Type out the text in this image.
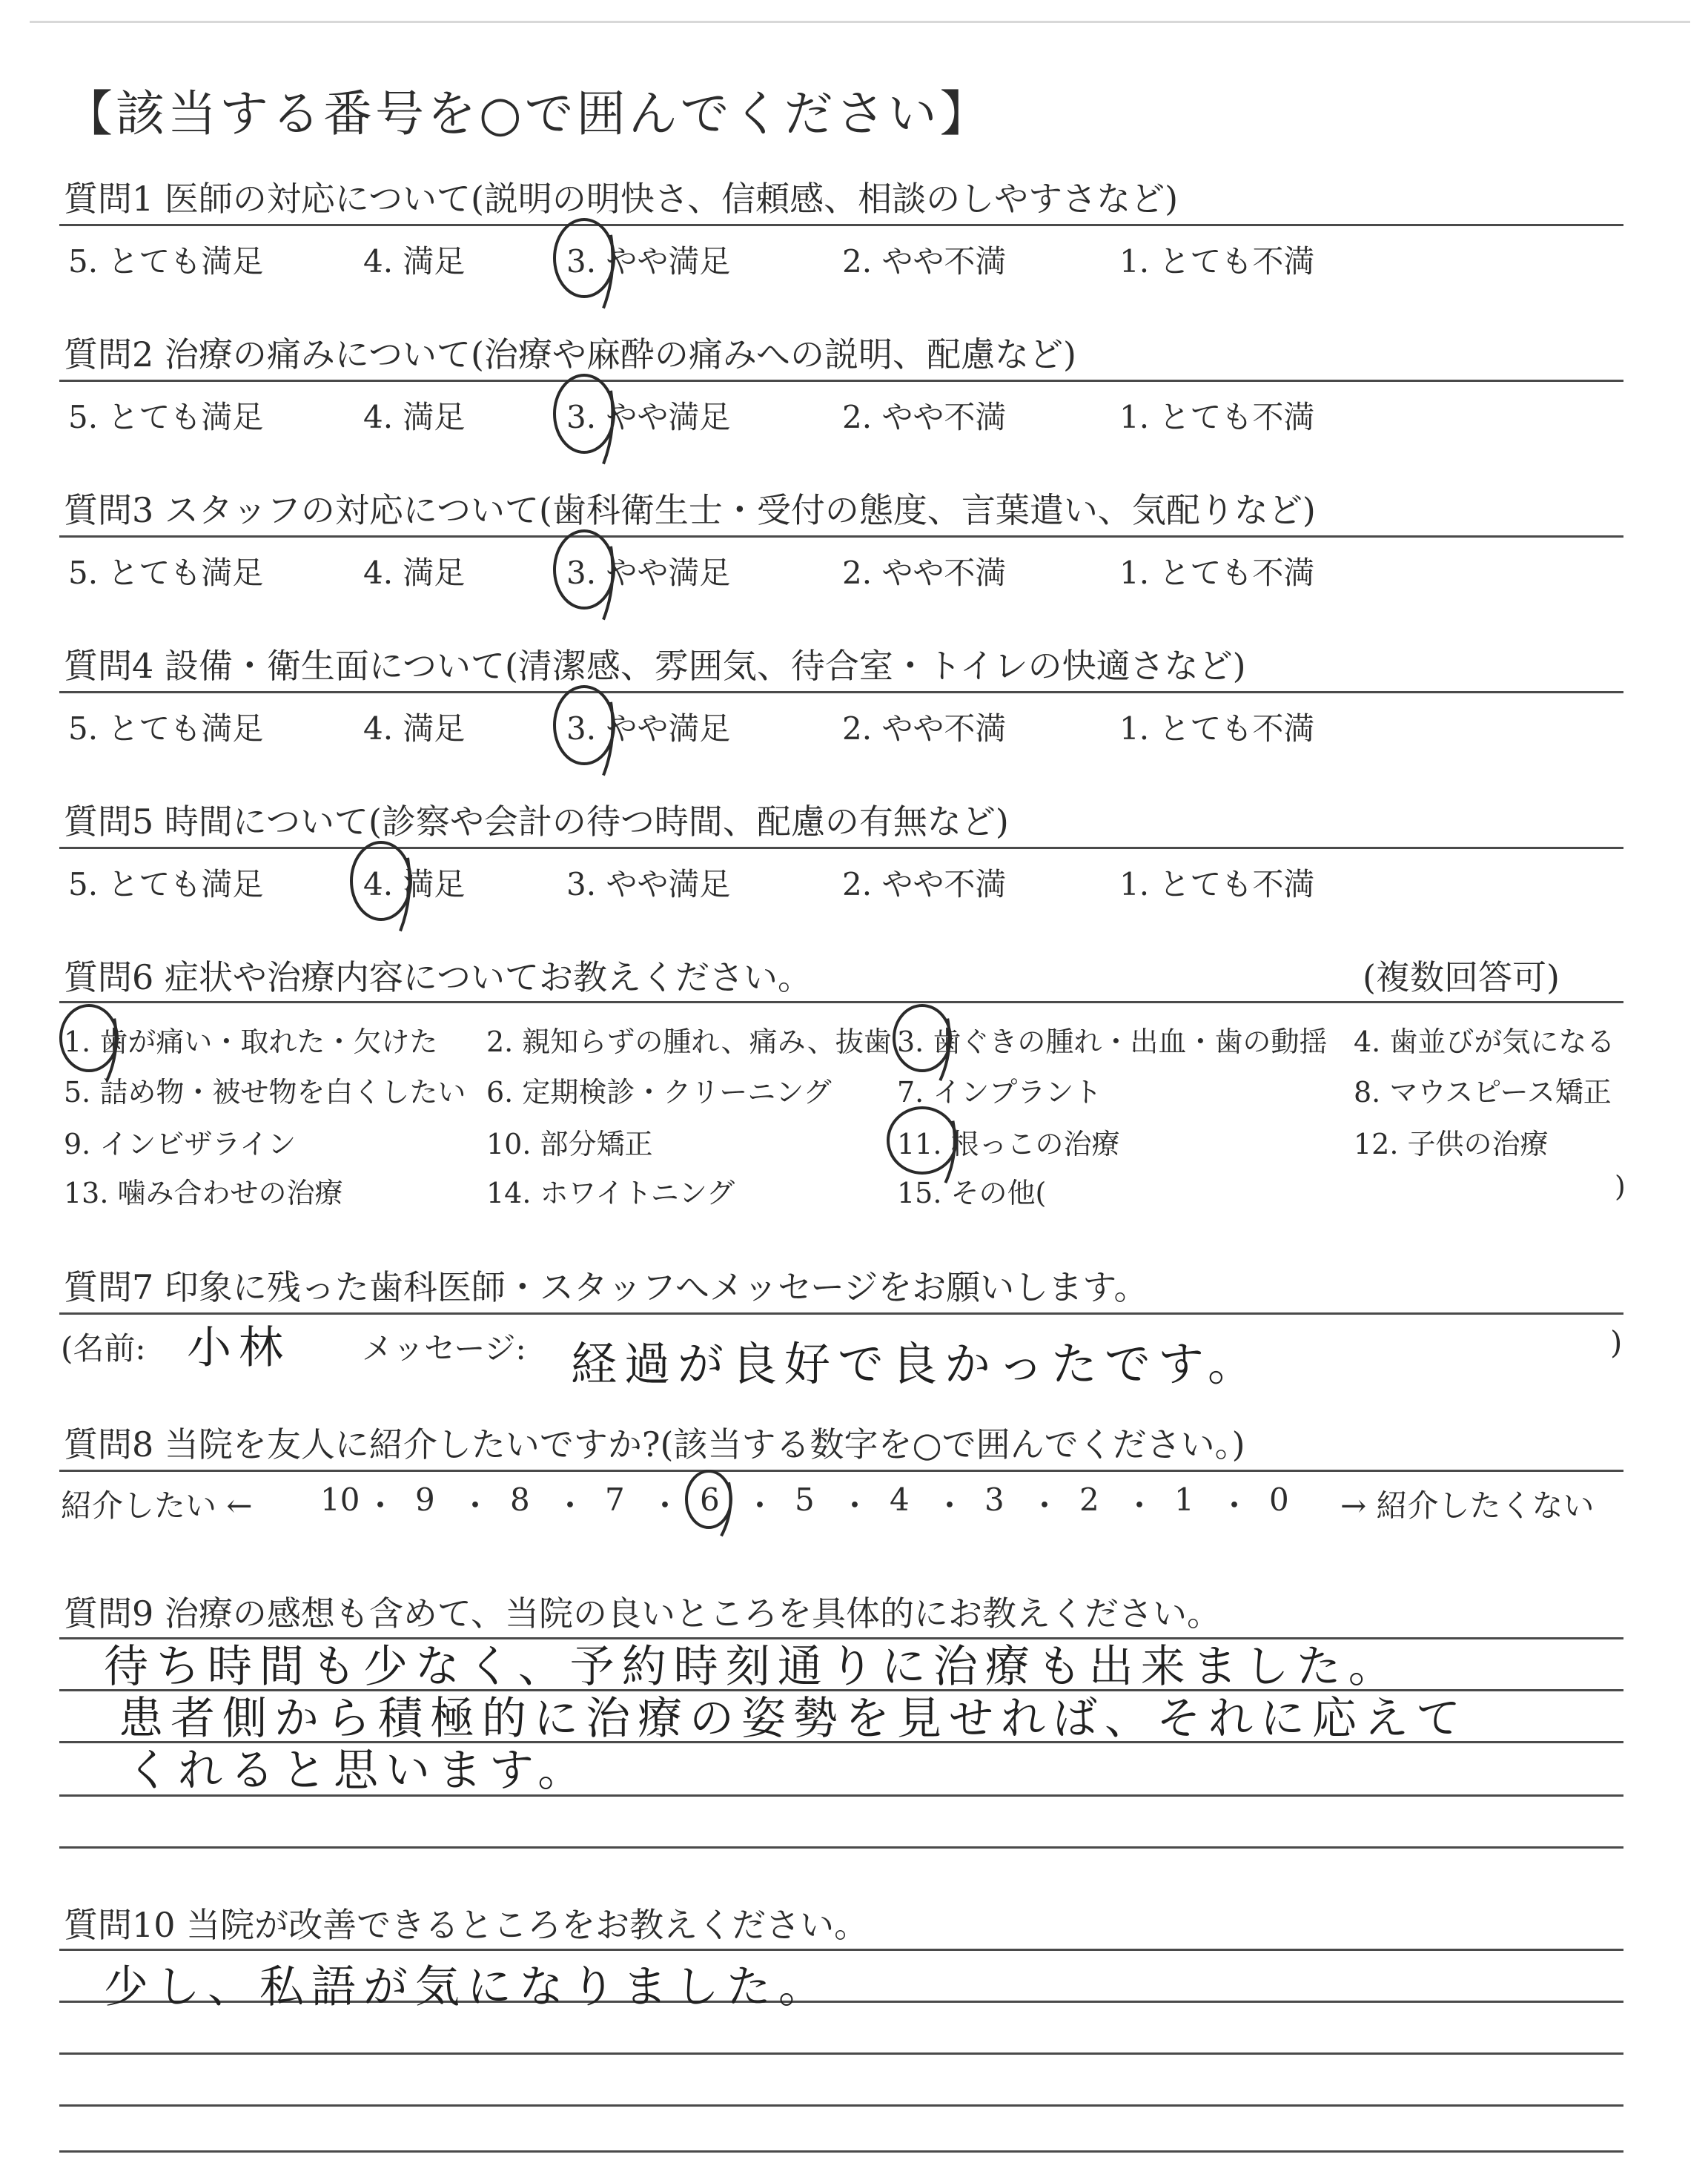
【該当する番号を○で囲んでください】
質問1 医師の対応について(説明の明快さ、信頼感、相談のしやすさなど)
5. とても満足	4. 満足	3. やや満足	2. やや不満	1. とても不満
質問2 治療の痛みについて(治療や麻酔の痛みへの説明、配慮など)
5. とても満足	4. 満足	3. やや満足	2. やや不満	1. とても不満
質問3 スタッフの対応について(歯科衛生士・受付の態度、言葉遣い、気配りなど)
5. とても満足	4. 満足	3. やや満足	2. やや不満	1. とても不満
質問4 設備・衛生面について(清潔感、雰囲気、待合室・トイレの快適さなど)
5. とても満足	4. 満足	3. やや満足	2. やや不満	1. とても不満
質問5 時間について(診察や会計の待つ時間、配慮の有無など)
5. とても満足	4. 満足	3. やや満足	2. やや不満	1. とても不満
質問6 症状や治療内容についてお教えください。	(複数回答可)
1. 歯が痛い・取れた・欠けた 2. 親知らずの腫れ、痛み、抜歯 3. 歯ぐきの腫れ・出血・歯の動揺 4. 歯並びが気になる
5. 詰め物・被せ物を白くしたい 6. 定期検診・クリーニング 7. インプラント	8. マウスピース矯正
9. インビザライン	10. 部分矯正	11. 根っこの治療	12. 子供の治療
13. 噛み合わせの治療	14. ホワイトニング	15. その他(	)
質問7 印象に残った歯科医師・スタッフへメッセージをお願いします。
(名前: 小林 メッセージ: 経過が良好で良かったです。	)
質問8 当院を友人に紹介したいですか?(該当する数字を○で囲んでください。)
紹介したい ← 10 ・ 9 ・ 8 ・ 7 ・ 6 ・ 5 ・ 4 ・ 3 ・ 2 ・ 1 ・ 0 → 紹介したくない
質問9 治療の感想も含めて、当院の良いところを具体的にお教えください。
待ち時間も少なく、予約時刻通りに治療も出来ました。
患者側から積極的に治療の姿勢を見せれば、それに応えて
くれると思います。
質問10 当院が改善できるところをお教えください。
少し、私語が気になりました。
